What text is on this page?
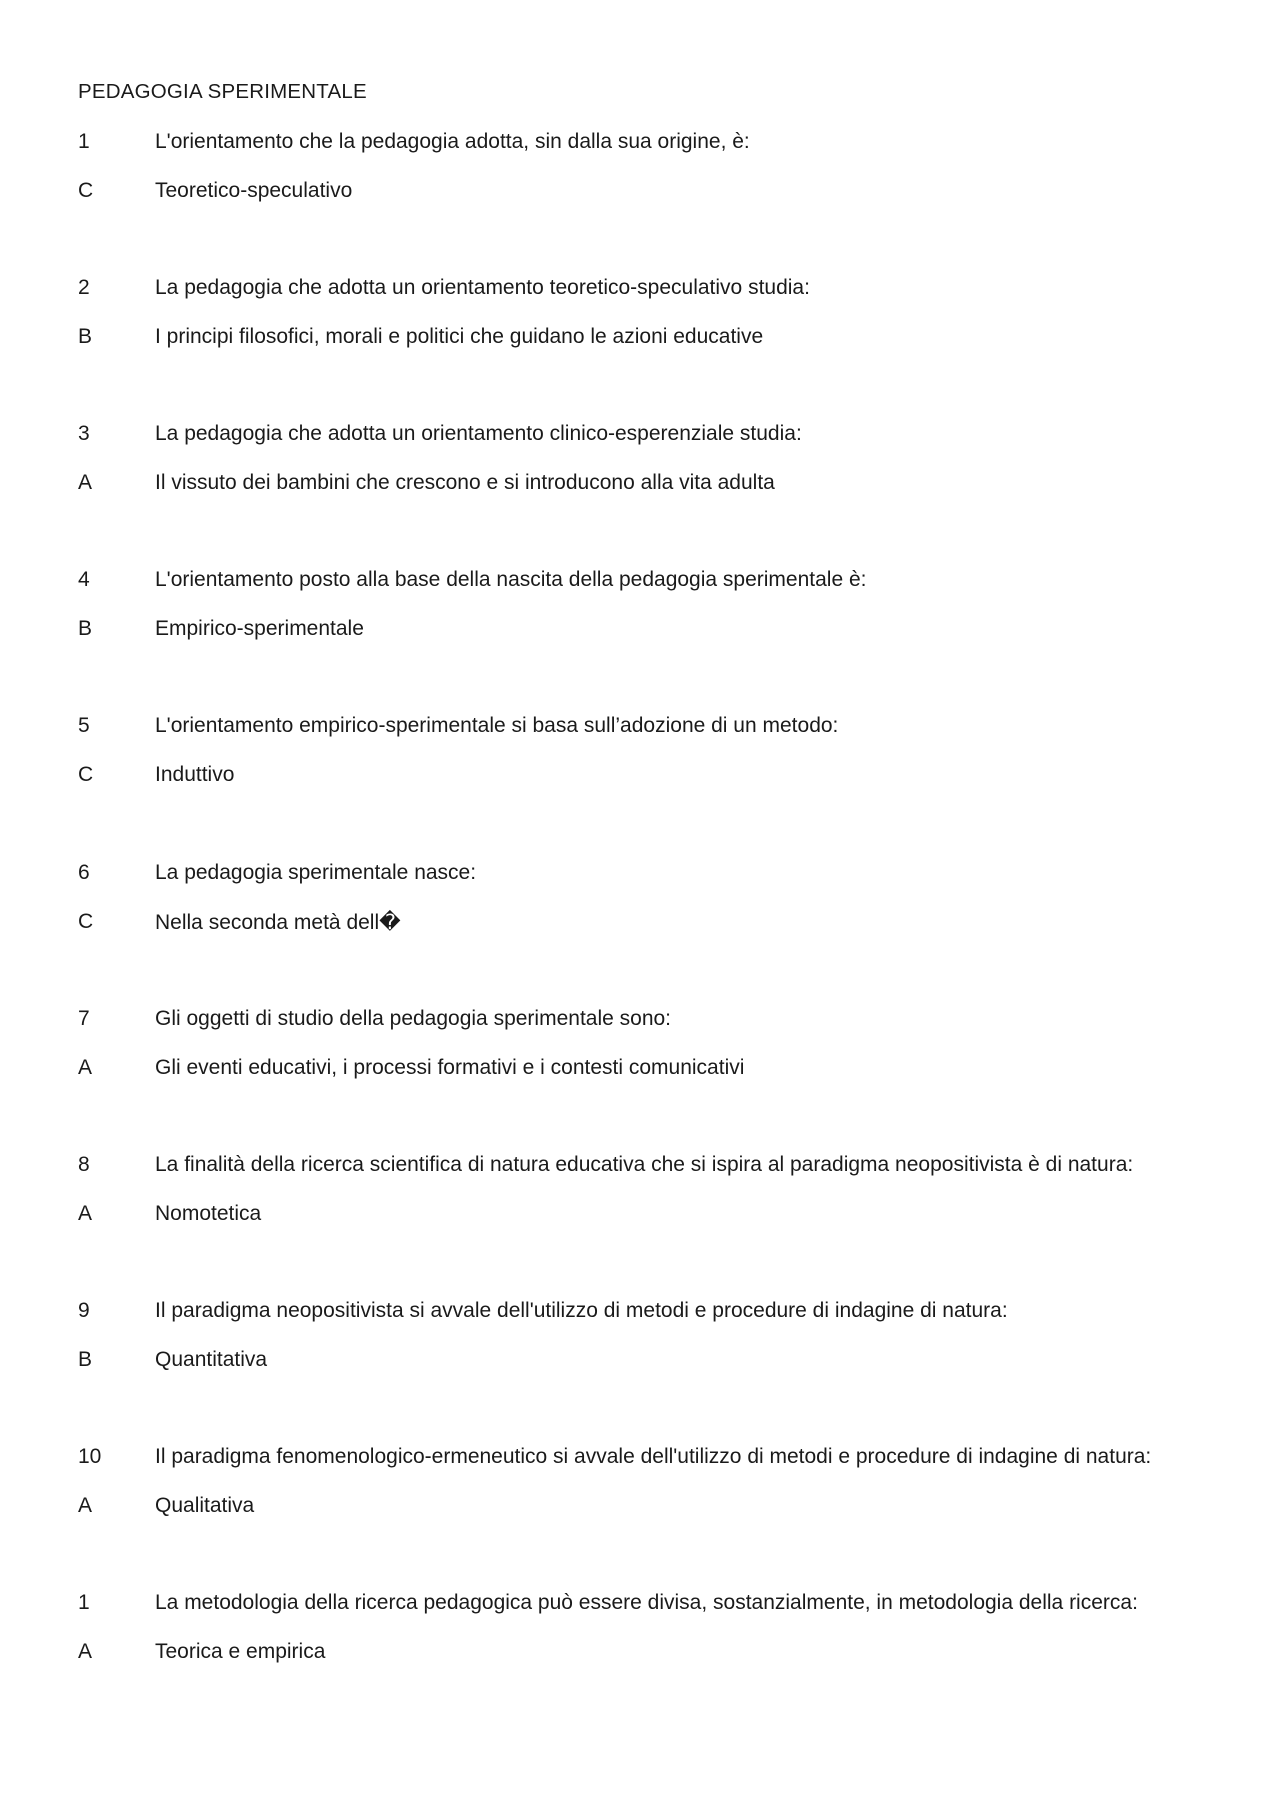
PEDAGOGIA SPERIMENTALE
1	L'orientamento che la pedagogia adotta, sin dalla sua origine, è:
C	Teoretico-speculativo
2	La pedagogia che adotta un orientamento teoretico-speculativo studia:
B	I principi filosofici, morali e politici che guidano le azioni educative
3	La pedagogia che adotta un orientamento clinico-esperenziale studia:
A	Il vissuto dei bambini che crescono e si introducono alla vita adulta
4	L'orientamento posto alla base della nascita della pedagogia sperimentale è:
B	Empirico-sperimentale
5	L'orientamento empirico-sperimentale si basa sull’adozione di un metodo:
C	Induttivo
6	La pedagogia sperimentale nasce:
C	Nella seconda metà dell�
7	Gli oggetti di studio della pedagogia sperimentale sono:
A	Gli eventi educativi, i processi formativi e i contesti comunicativi
8	La finalità della ricerca scientifica di natura educativa che si ispira al paradigma neopositivista è di natura:
A	Nomotetica
9	Il paradigma neopositivista si avvale dell'utilizzo di metodi e procedure di indagine di natura:
B	Quantitativa
10	Il paradigma fenomenologico-ermeneutico si avvale dell'utilizzo di metodi e procedure di indagine di natura:
A	Qualitativa
1	La metodologia della ricerca pedagogica può essere divisa, sostanzialmente, in metodologia della ricerca:
A	Teorica e empirica
